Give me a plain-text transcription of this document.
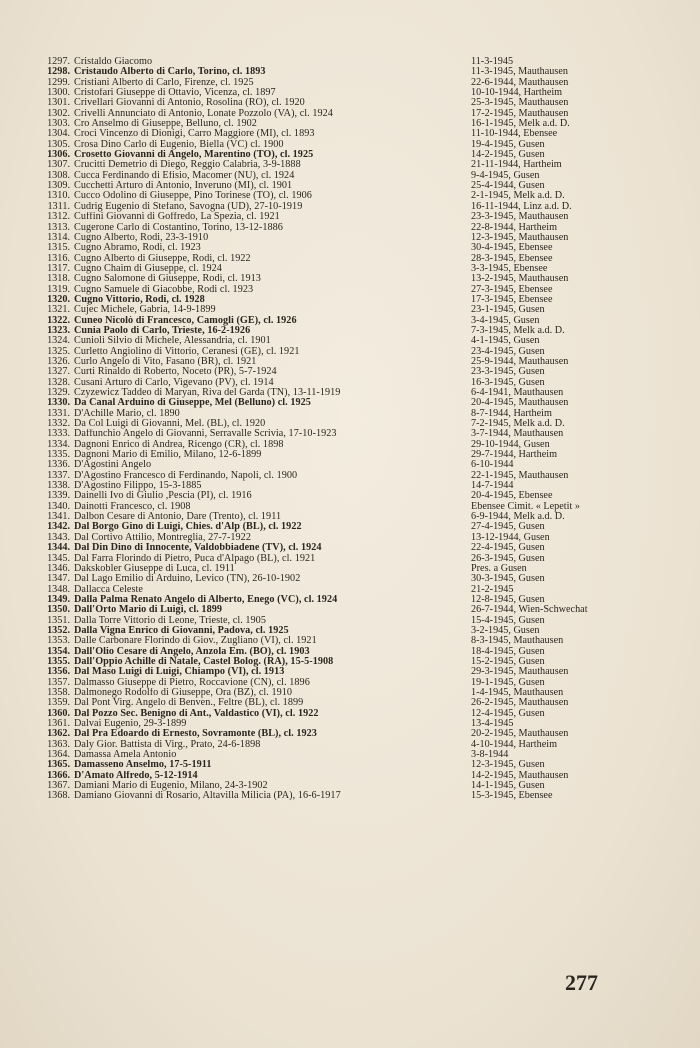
1297. Cristaldo Giacomo	11-3-1945
1298. Cristaudo Alberto di Carlo, Torino, cl. 1893	11-3-1945, Mauthausen
1299. Cristiani Alberto di Carlo, Firenze, cl. 1925	22-6-1944, Mauthausen
1300. Cristofari Giuseppe di Ottavio, Vicenza, cl. 1897	10-10-1944, Hartheim
1301. Crivellari Giovanni di Antonio, Rosolina (RO), cl. 1920	25-3-1945, Mauthausen
1302. Crivelli Annunciato di Antonio, Lonate Pozzolo (VA), cl. 1924	17-2-1945, Mauthausen
1303. Cro Anselmo di Giuseppe, Belluno, cl. 1902	16-1-1945, Melk a.d. D.
1304. Croci Vincenzo di Dionigi, Carro Maggiore (MI), cl. 1893	11-10-1944, Ebensee
1305. Crosa Dino Carlo di Eugenio, Biella (VC) cl. 1900	19-4-1945, Gusen
1306. Crosetto Giovanni di Angelo, Marentino (TO), cl. 1925	14-2-1945, Gusen
1307. Crucitti Demetrio di Diego, Reggio Calabria, 3-9-1888	21-11-1944, Hartheim
1308. Cucca Ferdinando di Efisio, Macomer (NU), cl. 1924	9-4-1945, Gusen
1309. Cucchetti Arturo di Antonio, Inveruno (MI), cl. 1901	25-4-1944, Gusen
1310. Cucco Odolino di Giuseppe, Pino Torinese (TO), cl. 1906	2-1-1945, Melk a.d. D.
1311. Cudrig Eugenio di Stefano, Savogna (UD), 27-10-1919	16-11-1944, Linz a.d. D.
1312. Cuffini Giovanni di Goffredo, La Spezia, cl. 1921	23-3-1945, Mauthausen
1313. Cugerone Carlo di Costantino, Torino, 13-12-1886	22-8-1944, Hartheim
1314. Cugno Alberto, Rodi, 23-3-1910	12-3-1945, Mauthausen
1315. Cugno Abramo, Rodi, cl. 1923	30-4-1945, Ebensee
1316. Cugno Alberto di Giuseppe, Rodi, cl. 1922	28-3-1945, Ebensee
1317. Cugno Chaim di Giuseppe, cl. 1924	3-3-1945, Ebensee
1318. Cugno Salomone di Giuseppe, Rodi, cl. 1913	13-2-1945, Mauthausen
1319. Cugno Samuele di Giacobbe, Rodi cl. 1923	27-3-1945, Ebensee
1320. Cugno Vittorio, Rodi, cl. 1928	17-3-1945, Ebensee
1321. Cujec Michele, Gabria, 14-9-1899	23-1-1945, Gusen
1322. Cuneo Nicolò di Francesco, Camogli (GE), cl. 1926	3-4-1945, Gusen
1323. Cunia Paolo di Carlo, Trieste, 16-2-1926	7-3-1945, Melk a.d. D.
1324. Cunioli Silvio di Michele, Alessandria, cl. 1901	4-1-1945, Gusen
1325. Curletto Angiolino di Vittorio, Ceranesi (GE), cl. 1921	23-4-1945, Gusen
1326. Curlo Angelo di Vito, Fasano (BR), cl. 1921	25-9-1944, Mauthausen
1327. Curti Rinaldo di Roberto, Noceto (PR), 5-7-1924	23-3-1945, Gusen
1328. Cusani Arturo di Carlo, Vigevano (PV), cl. 1914	16-3-1945, Gusen
1329. Czyzewicz Taddeo di Maryan, Riva del Garda (TN), 13-11-1919	6-4-1941, Mauthausen
1330. Da Canal Arduino di Giuseppe, Mel (Belluno) cl. 1925	20-4-1945, Mauthausen
1331. D'Achille Mario, cl. 1890	8-7-1944, Hartheim
1332. Da Col Luigi di Giovanni, Mel. (BL), cl. 1920	7-2-1945, Melk a.d. D.
1333. Daffunchio Angelo di Giovanni, Serravalle Scrivia, 17-10-1923	3-7-1944, Mauthausen
1334. Dagnoni Enrico di Andrea, Ricengo (CR), cl. 1898	29-10-1944, Gusen
1335. Dagnoni Mario di Emilio, Milano, 12-6-1899	29-7-1944, Hartheim
1336. D'Agostini Angelo	6-10-1944
1337. D'Agostino Francesco di Ferdinando, Napoli, cl. 1900	22-1-1945, Mauthausen
1338. D'Agostino Filippo, 15-3-1885	14-7-1944
1339. Dainelli Ivo di Giulio ,Pescia (PI), cl. 1916	20-4-1945, Ebensee
1340. Dainotti Francesco, cl. 1908	Ebensee Cimit. « Lepetit »
1341. Dalbon Cesare di Antonio, Dare (Trento), cl. 1911	6-9-1944, Melk a.d. D.
1342. Dal Borgo Gino di Luigi, Chies. d'Alp (BL), cl. 1922	27-4-1945, Gusen
1343. Dal Cortivo Attilio, Montreglia, 27-7-1922	13-12-1944, Gusen
1344. Dal Din Dino di Innocente, Valdobbiadene (TV), cl. 1924	22-4-1945, Gusen
1345. Dal Farra Florindo di Pietro, Puca d'Alpago (BL), cl. 1921	26-3-1945, Gusen
1346. Dakskobler Giuseppe di Luca, cl. 1911	Pres. a Gusen
1347. Dal Lago Emilio di Arduino, Levico (TN), 26-10-1902	30-3-1945, Gusen
1348. Dallacca Celeste	21-2-1945
1349. Dalla Palma Renato Angelo di Alberto, Enego (VC), cl. 1924	12-8-1945, Gusen
1350. Dall'Orto Mario di Luigi, cl. 1899	26-7-1944, Wien-Schwechat
1351. Dalla Torre Vittorio di Leone, Trieste, cl. 1905	15-4-1945, Gusen
1352. Dalla Vigna Enrico di Giovanni, Padova, cl. 1925	3-2-1945, Gusen
1353. Dalle Carbonare Florindo di Giov., Zugliano (VI), cl. 1921	8-3-1945, Mauthausen
1354. Dall'Olio Cesare di Angelo, Anzola Em. (BO), cl. 1903	18-4-1945, Gusen
1355. Dall'Oppio Achille di Natale, Castel Bolog. (RA), 15-5-1908	15-2-1945, Gusen
1356. Dal Maso Luigi di Luigi, Chiampo (VI), cl. 1913	29-3-1945, Mauthausen
1357. Dalmasso Giuseppe di Pietro, Roccavione (CN), cl. 1896	19-1-1945, Gusen
1358. Dalmonego Rodolfo di Giuseppe, Ora (BZ), cl. 1910	1-4-1945, Mauthausen
1359. Dal Pont Virg. Angelo di Benven., Feltre (BL), cl. 1899	26-2-1945, Mauthausen
1360. Dal Pozzo Sec. Benigno di Ant., Valdastico (VI), cl. 1922	12-4-1945, Gusen
1361. Dalvai Eugenio, 29-3-1899	13-4-1945
1362. Dal Pra Edoardo di Ernesto, Sovramonte (BL), cl. 1923	20-2-1945, Mauthausen
1363. Daly Gior. Battista di Virg., Prato, 24-6-1898	4-10-1944, Hartheim
1364. Damassa Amela Antonio	3-8-1944
1365. Damasseno Anselmo, 17-5-1911	12-3-1945, Gusen
1366. D'Amato Alfredo, 5-12-1914	14-2-1945, Mauthausen
1367. Damiani Mario di Eugenio, Milano, 24-3-1902	14-1-1945, Gusen
1368. Damiano Giovanni di Rosario, Altavilla Milicia (PA), 16-6-1917	15-3-1945, Ebensee
277
